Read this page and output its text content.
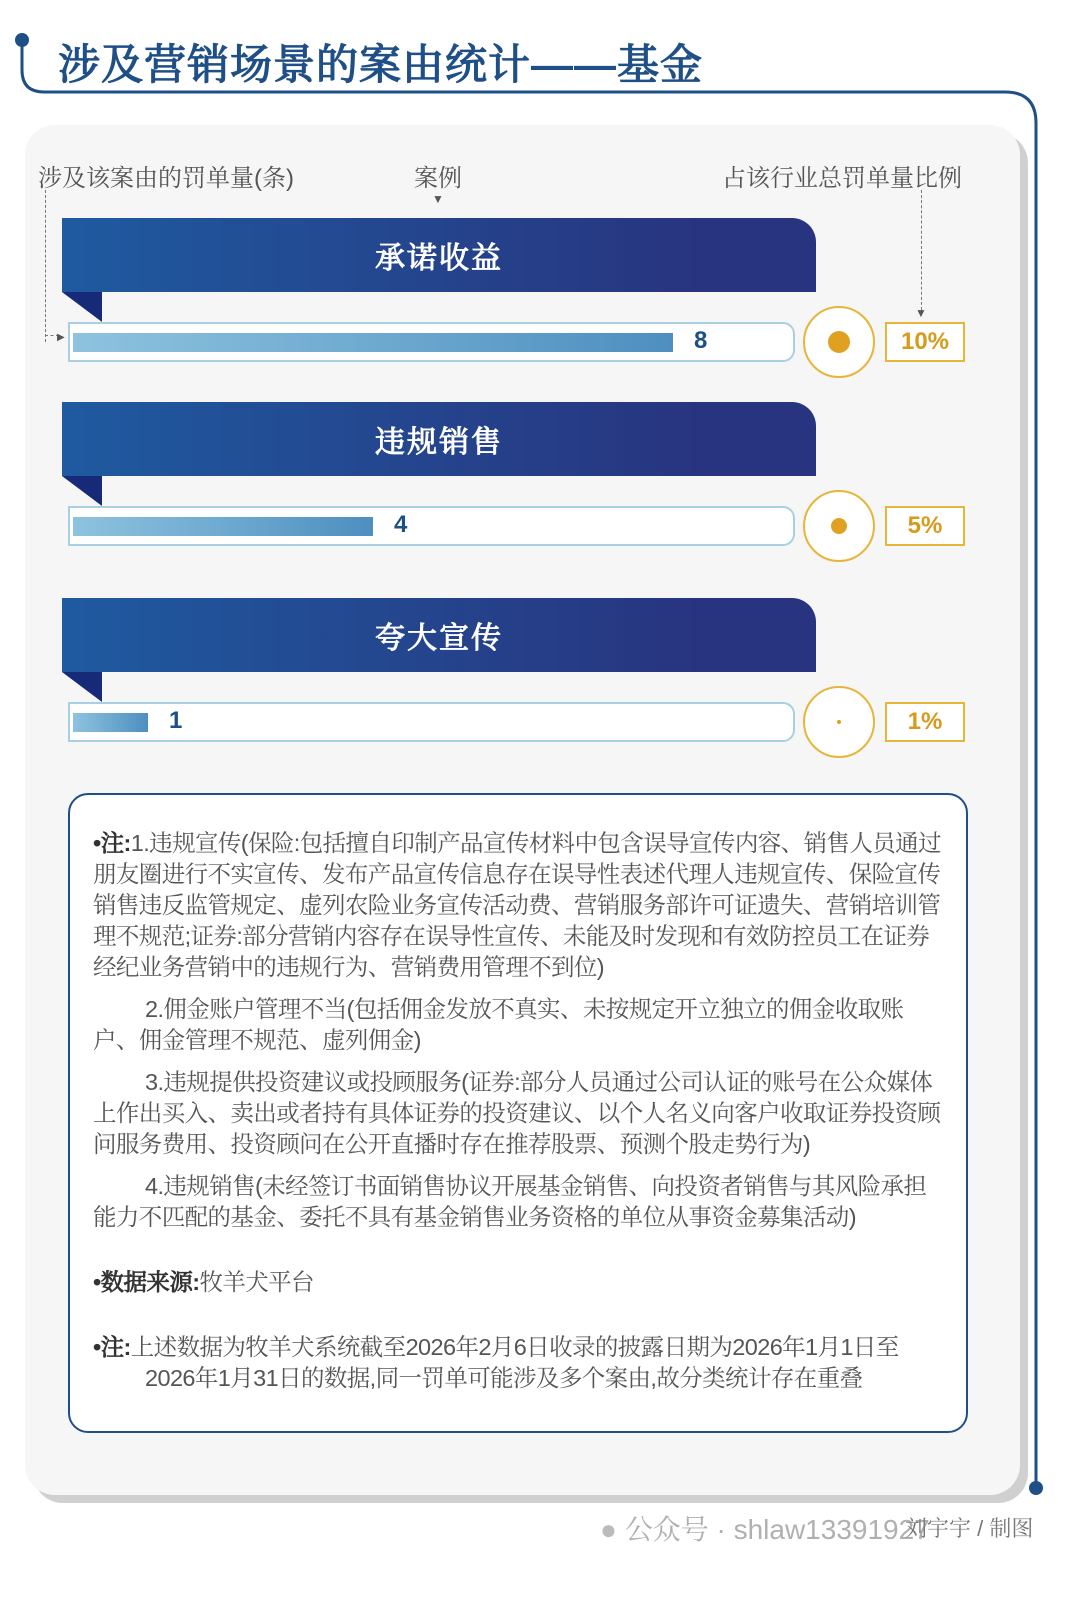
涉及营销场景的案由统计——基金
涉及该案由的罚单量(条)	案例	占该行业总罚单量比例
▼
▶
▼
承诺收益
8	10%
违规销售
4	5%
夸大宣传
1	1%

•注:1.违规宣传(保险:包括擅自印制产品宣传材料中包含误导宣传内容、销售人员通过朋友圈进行不实宣传、发布产品宣传信息存在误导性表述代理人违规宣传、保险宣传销售违反监管规定、虚列农险业务宣传活动费、营销服务部许可证遗失、营销培训管理不规范;证券:部分营销内容存在误导性宣传、未能及时发现和有效防控员工在证券经纪业务营销中的违规行为、营销费用管理不到位)

2.佣金账户管理不当(包括佣金发放不真实、未按规定开立独立的佣金收取账户、佣金管理不规范、虚列佣金)

3.违规提供投资建议或投顾服务(证券:部分人员通过公司认证的账号在公众媒体上作出买入、卖出或者持有具体证券的投资建议、以个人名义向客户收取证券投资顾问服务费用、投资顾问在公开直播时存在推荐股票、预测个股走势行为)

4.违规销售(未经签订书面销售协议开展基金销售、向投资者销售与其风险承担能力不匹配的基金、委托不具有基金销售业务资格的单位从事资金募集活动)

•数据来源:牧羊犬平台

•注:上述数据为牧羊犬系统截至2026年2月6日收录的披露日期为2026年1月1日至2026年1月31日的数据,同一罚单可能涉及多个案由,故分类统计存在重叠

● 公众号 · shlaw13391927
刘宇宇 / 制图
